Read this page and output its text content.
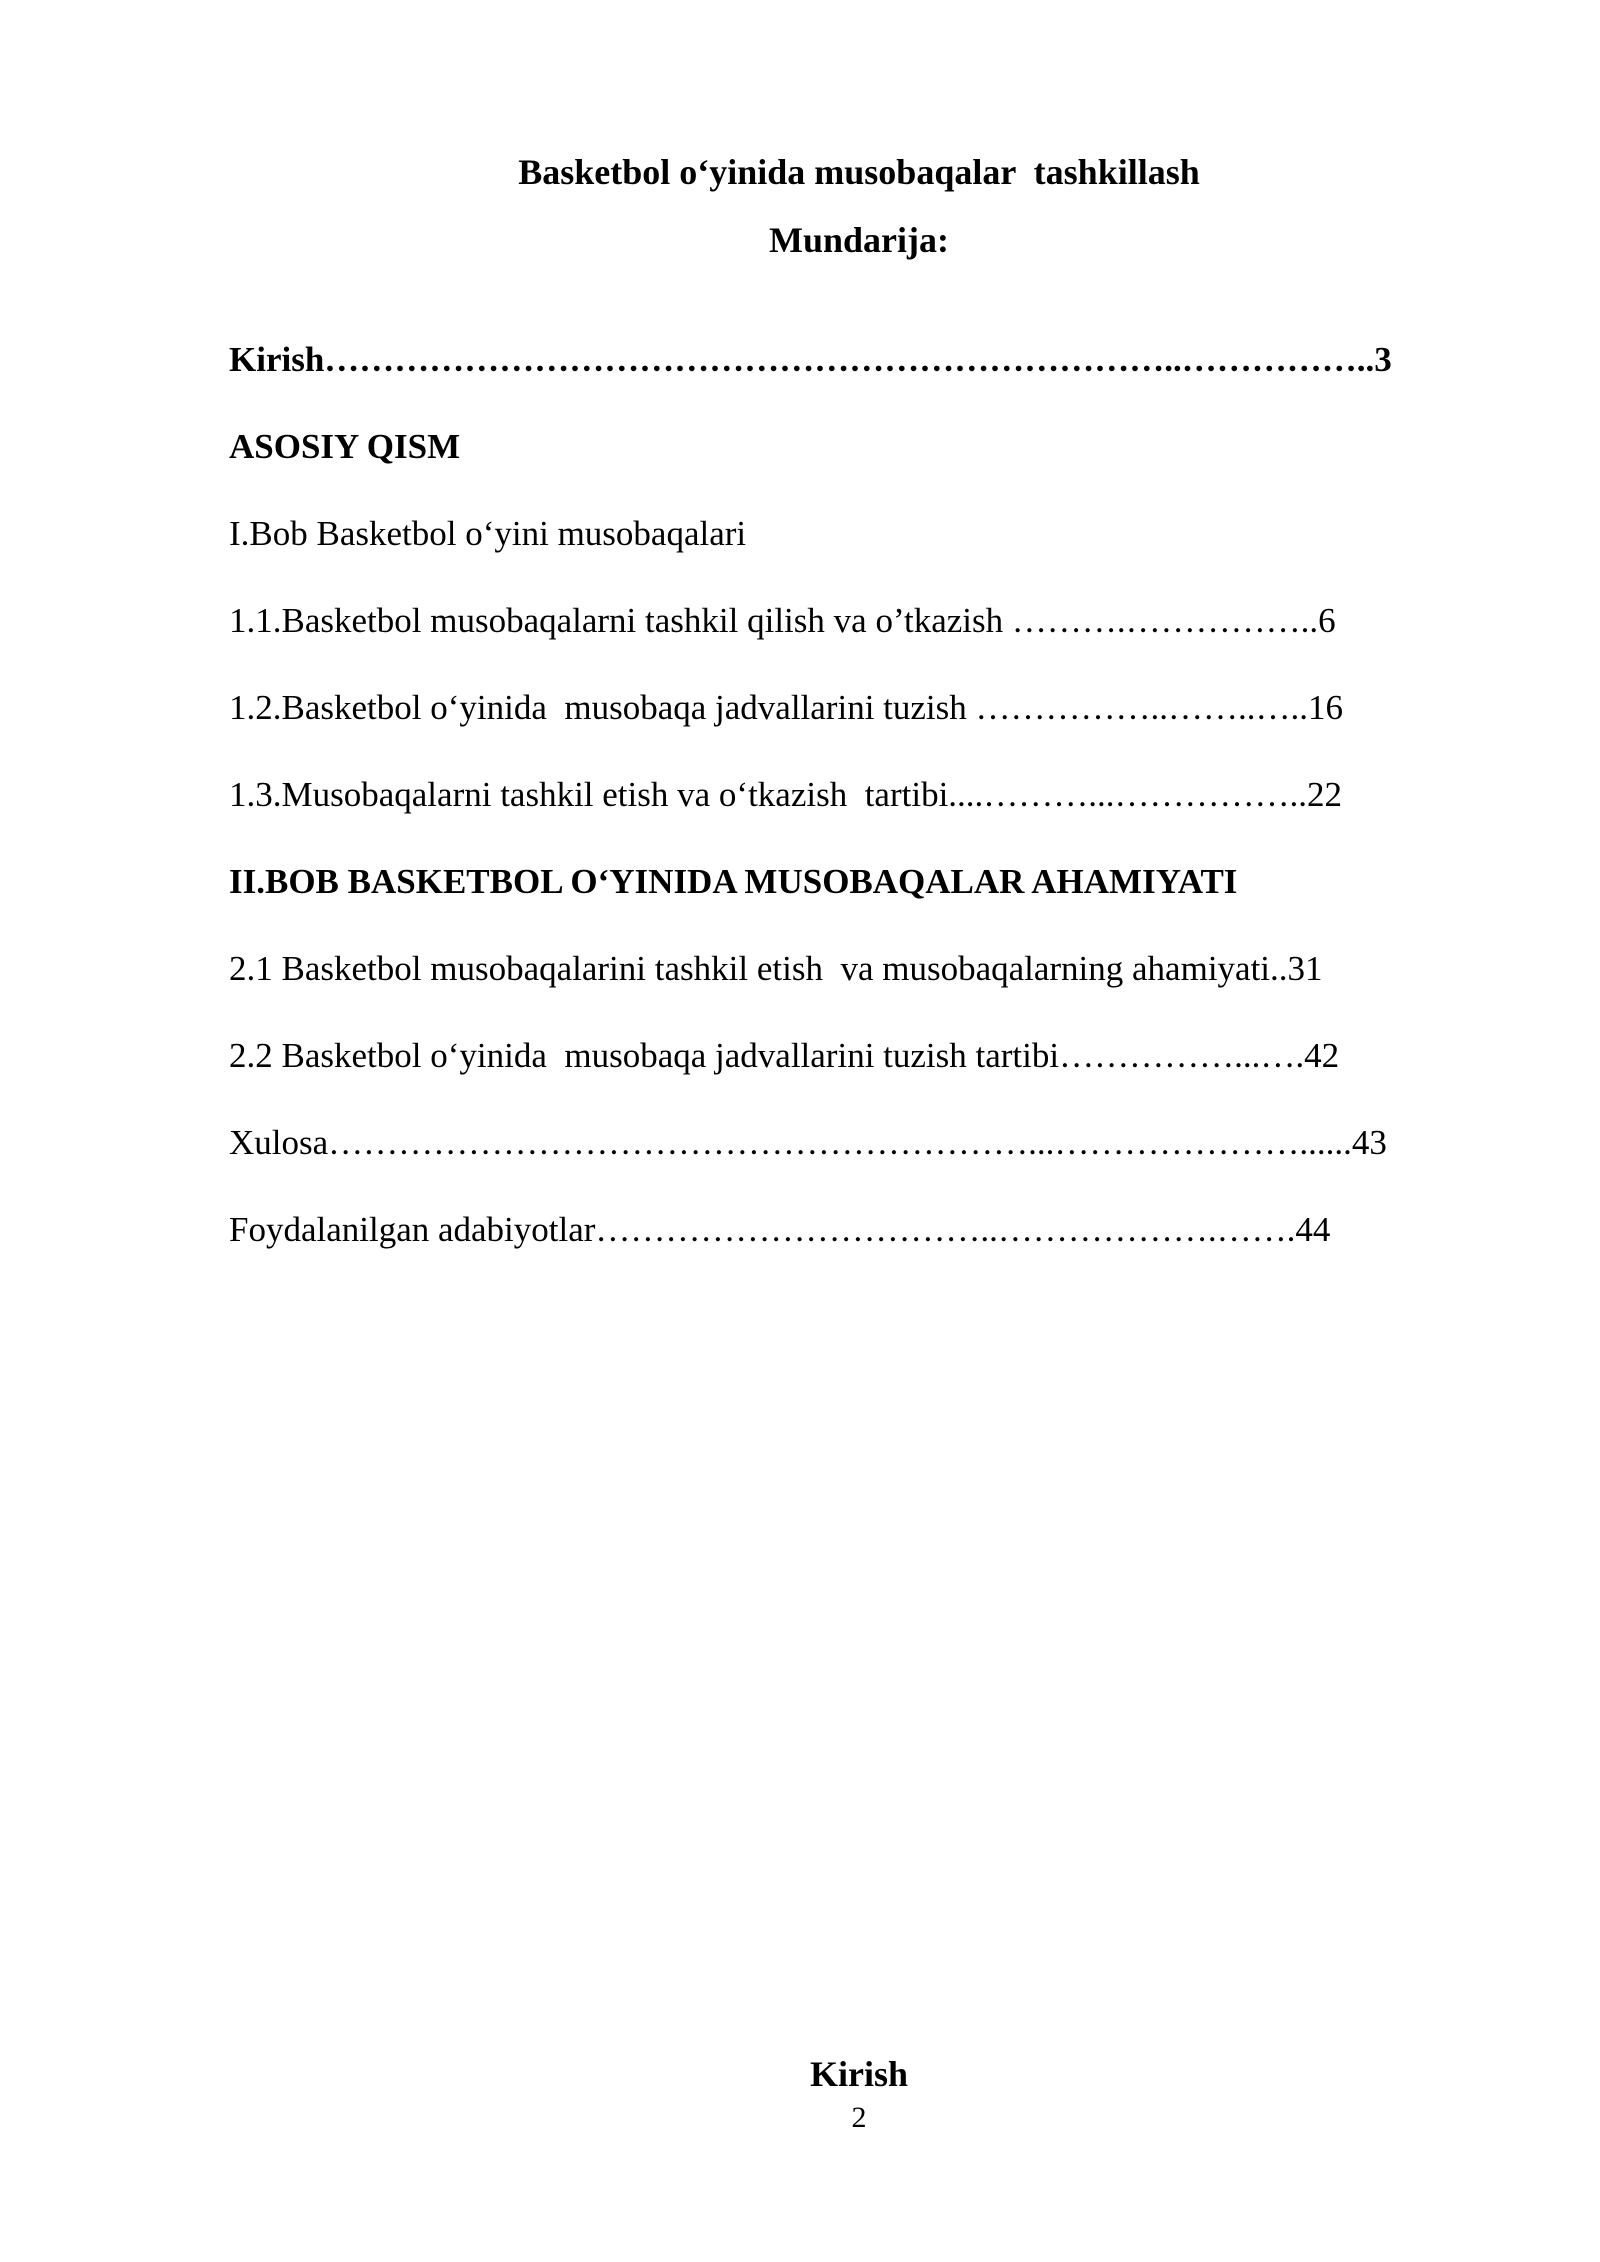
Basketbol o‘yinida musobaqalar  tashkillash
Mundarija:
Kirish………………………………………………………………..……………..3
ASOSIY QISM
I.Bob Basketbol o‘yini musobaqalari
1.1.Basketbol musobaqalarni tashkil qilish va o’tkazish ……….……………..6
1.2.Basketbol o‘yinida  musobaqa jadvallarini tuzish ……………..……..…..16
1.3.Musobaqalarni tashkil etish va o‘tkazish  tartibi....………...……………..22
II.BOB BASKETBOL O‘YINIDA MUSOBAQALAR AHAMIYATI
2.1 Basketbol musobaqalarini tashkil etish  va musobaqalarning ahamiyati..31
2.2 Basketbol o‘yinida  musobaqa jadvallarini tuzish tartibi……………...….42
Xulosa……………………………………………………...…………………......43
Foydalanilgan adabiyotlar……………………………..……………….…….44
Kirish
2
